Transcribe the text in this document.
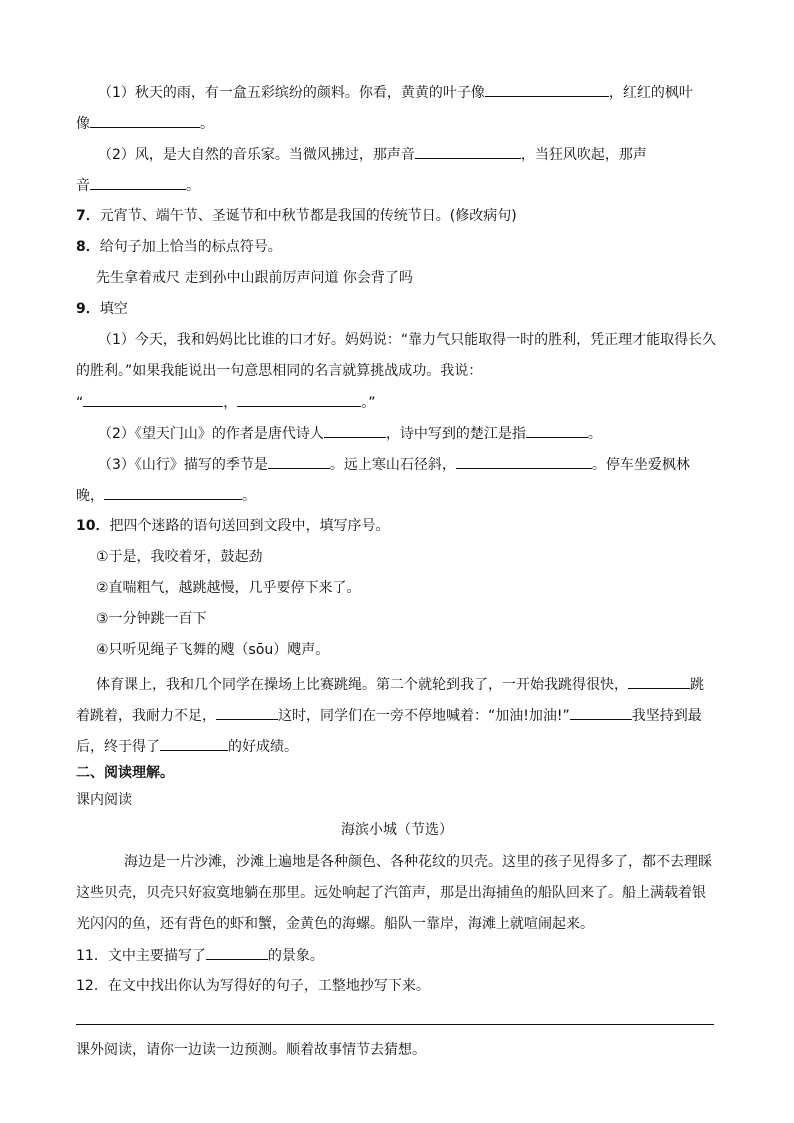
（1）秋天的雨，有一盒五彩缤纷的颜料。你看，黄黄的叶子像	，红红的枫叶
像	。
（2）风，是大自然的音乐家。当微风拂过，那声音	，当狂风吹起，那声
音	。
7．元宵节、端午节、圣诞节和中秋节都是我国的传统节日。(修改病句)
8．给句子加上恰当的标点符号。
先生拿着戒尺 走到孙中山跟前厉声问道 你会背了吗
9．填空
（1）今天，我和妈妈比比谁的口才好。妈妈说：“靠力气只能取得一时的胜利，凭正理才能取得长久
的胜利。”如果我能说出一句意思相同的名言就算挑战成功。我说：
“	，	。”
（2）《望天门山》的作者是唐代诗人	，诗中写到的楚江是指	。
（3）《山行》描写的季节是	。远上寒山石径斜，	。停车坐爱枫林
晚，	。
10．把四个迷路的语句送回到文段中，填写序号。
①于是，我咬着牙，鼓起劲
②直喘粗气，越跳越慢，几乎要停下来了。
③一分钟跳一百下
④只听见绳子飞舞的飕（sōu）飕声。
体育课上，我和几个同学在操场上比赛跳绳。第二个就轮到我了，一开始我跳得很快，	跳
着跳着，我耐力不足，	这时，同学们在一旁不停地喊着：“加油!加油!”	我坚持到最
后，终于得了	的好成绩。
二、阅读理解。
课内阅读
海滨小城（节选）
海边是一片沙滩，沙滩上遍地是各种颜色、各种花纹的贝壳。这里的孩子见得多了，都不去理睬
这些贝壳，贝壳只好寂寞地躺在那里。远处响起了汽笛声，那是出海捕鱼的船队回来了。船上满载着银
光闪闪的鱼，还有背色的虾和蟹，金黄色的海螺。船队一靠岸，海滩上就喧闹起来。
11．文中主要描写了	的景象。
12．在文中找出你认为写得好的句子，工整地抄写下来。
课外阅读，请你一边读一边预测。顺着故事情节去猜想。
